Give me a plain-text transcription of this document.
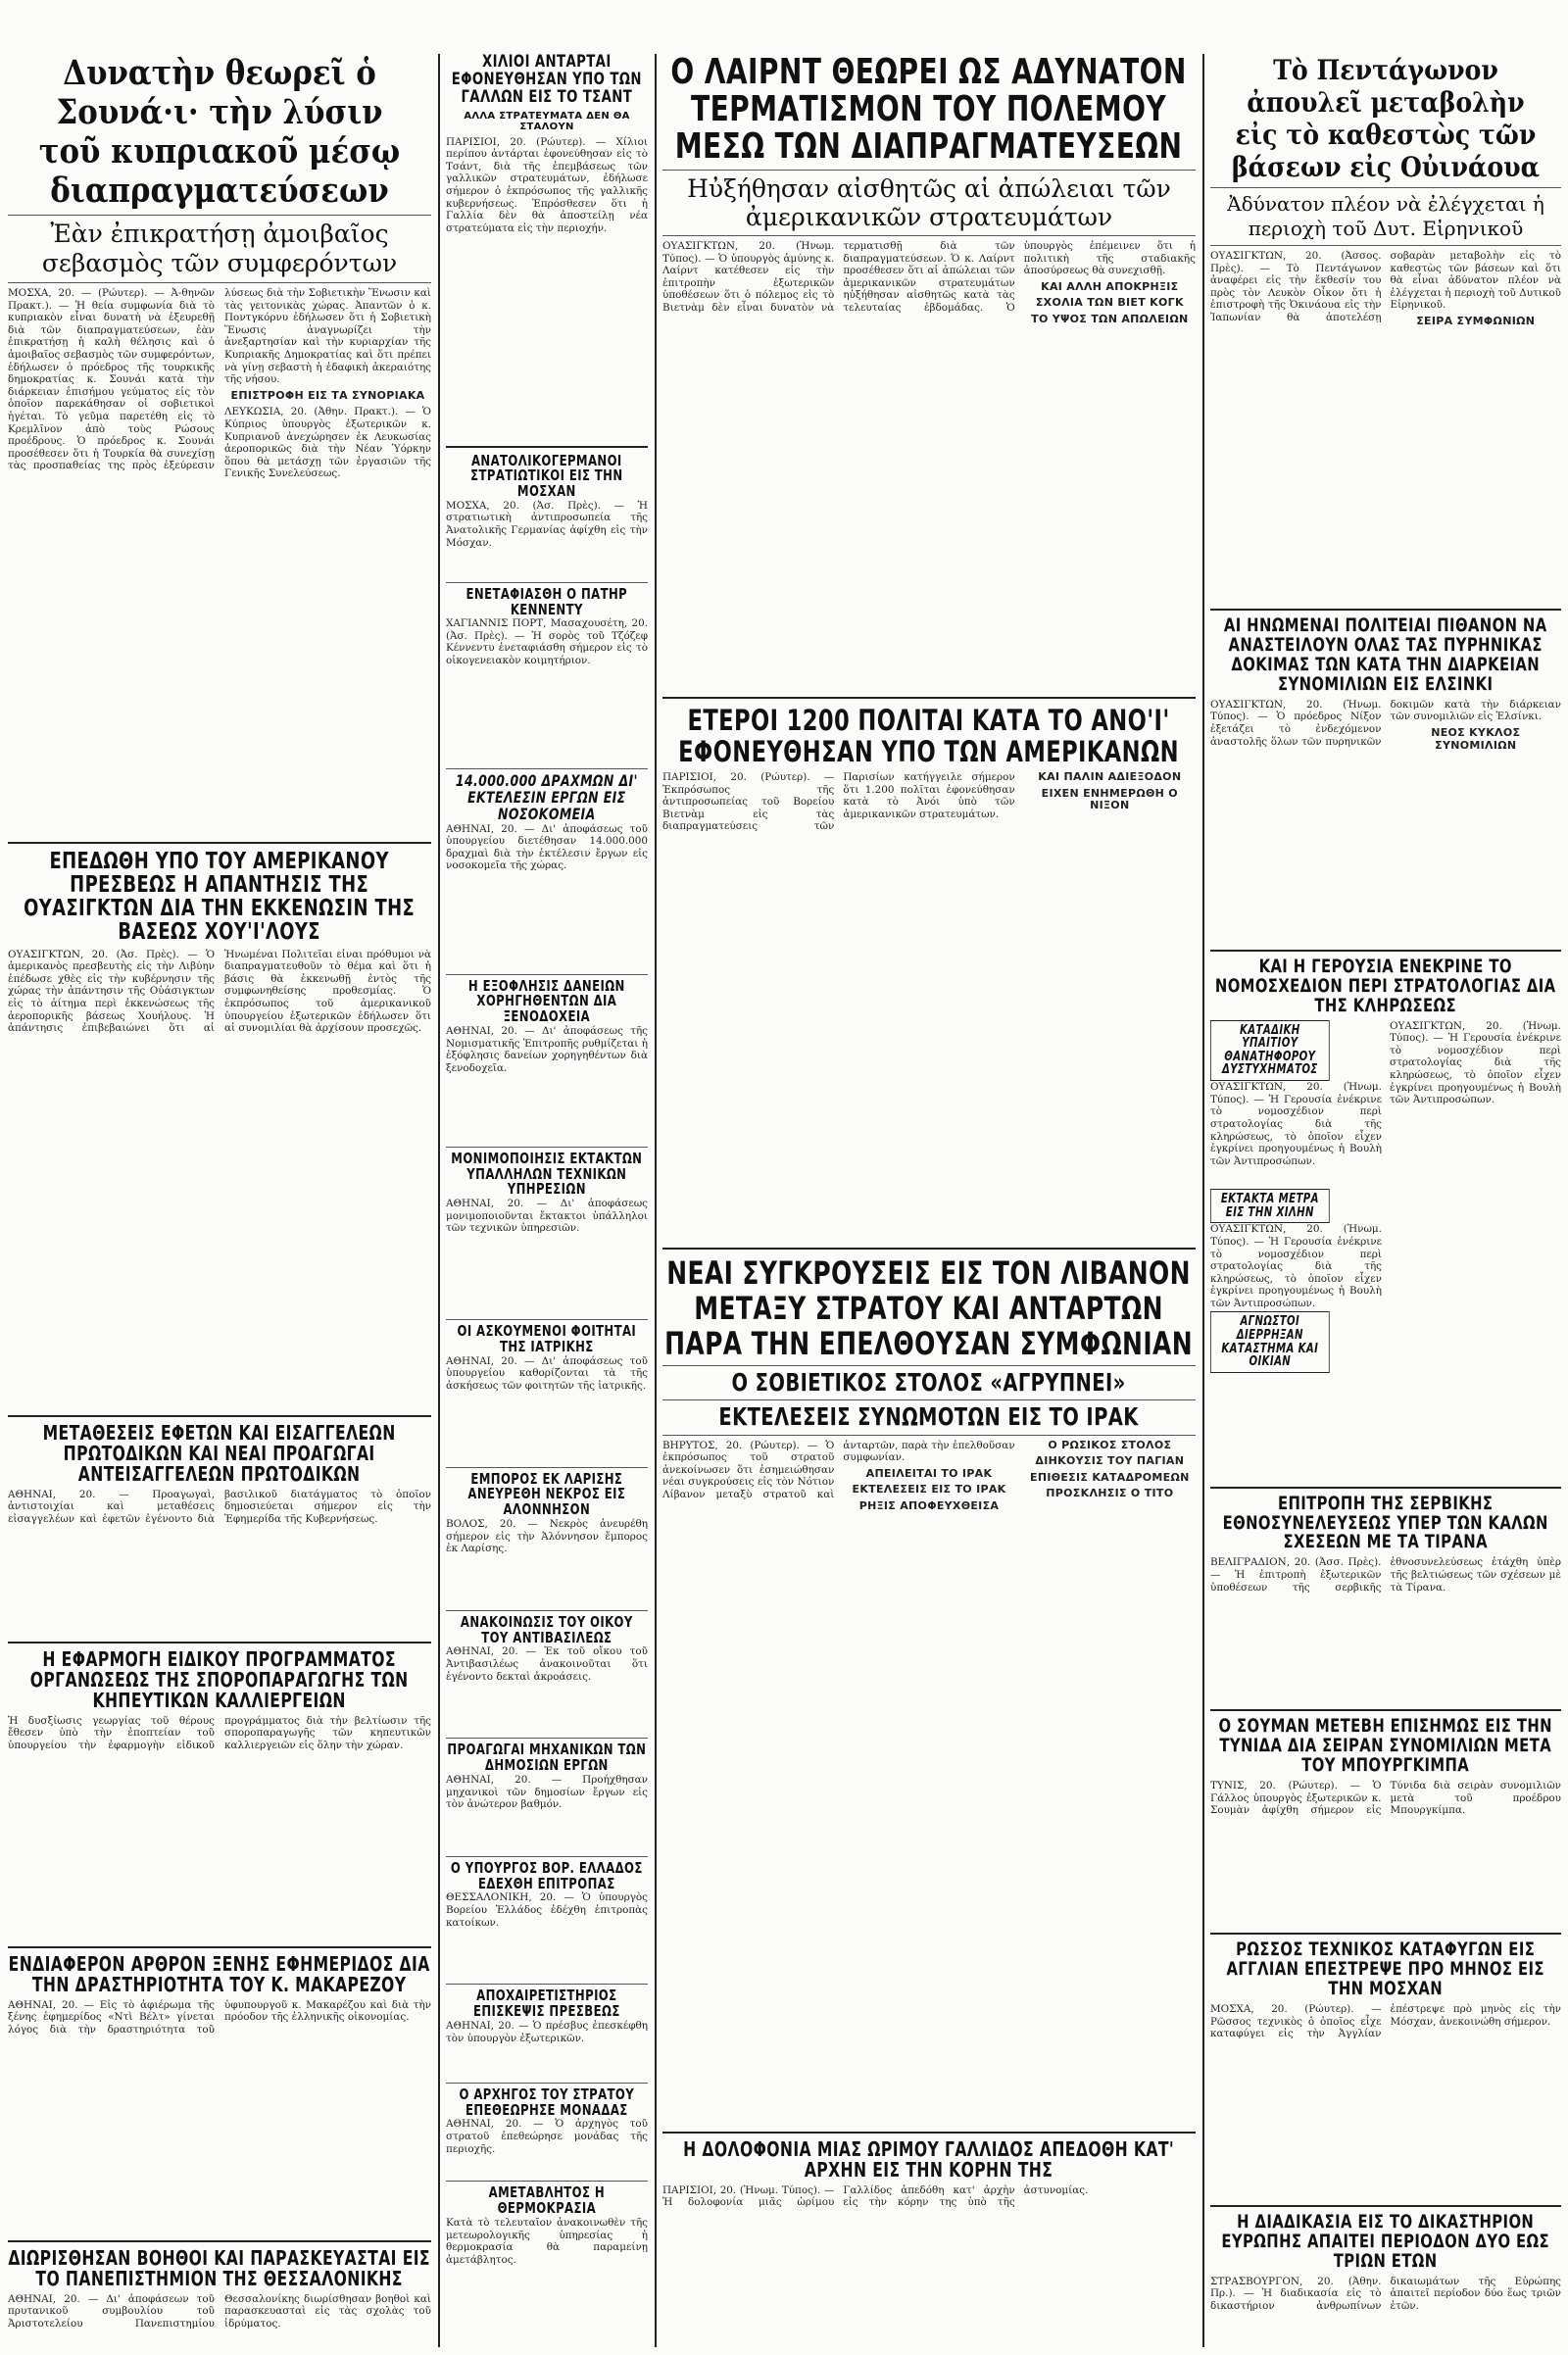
Δυνατὴν θεωρεῖ ὁ Σουνά·ι· τὴν λύσιν τοῦ κυπριακοῦ μέσῳ διαπραγματεύσεων
Ἐὰν ἐπικρατήσῃ ἀμοιβαῖος σεβασμὸς τῶν συμφερόντων
ΜΟΣΧΑ, 20. — (Ρώυτερ). — Ἀ-θηνῶν Πρακτ.). — Ἡ θεία συμφωνία διὰ τὸ κυπριακὸν εἶναι δυνατὴ νὰ ἐξευρεθῇ διὰ τῶν διαπραγματεύσεων, ἐὰν ἐπικρατήσῃ ἡ καλὴ θέλησις καὶ ὁ ἀμοιβαῖος σεβασμὸς τῶν συμφερόντων, ἐδήλωσεν ὁ πρόεδρος τῆς τουρκικῆς δημοκρατίας κ. Σουνάι κατὰ τὴν διάρκειαν ἐπισήμου γεύματος εἰς τὸν ὁποῖον παρεκάθησαν οἱ σοβιετικοὶ ἡγέται. Τὸ γεῦμα παρετέθη εἰς τὸ Κρεμλῖνον ἀπὸ τοὺς Ρώσους προέδρους. Ὁ πρόεδρος κ. Σουνάι προσέθεσεν ὅτι ἡ Τουρκία θὰ συνεχίσῃ τὰς προσπαθείας της πρὸς ἐξεύρεσιν λύσεως διὰ τὴν Σοβιετικὴν Ἕνωσιν καὶ τὰς γειτονικὰς χώρας. Ἀπαντῶν ὁ κ. Ποντγκόρνυ ἐδήλωσεν ὅτι ἡ Σοβιετικὴ Ἕνωσις ἀναγνωρίζει τὴν ἀνεξαρτησίαν καὶ τὴν κυριαρχίαν τῆς Κυπριακῆς Δημοκρατίας καὶ ὅτι πρέπει νὰ γίνῃ σεβαστὴ ἡ ἐδαφικὴ ἀκεραιότης τῆς νήσου.
ΕΠΙΣΤΡΟΦΗ ΕΙΣ ΤΑ ΣΥΝΟΡΙΑΚΑ
ΛΕΥΚΩΣΙΑ, 20. (Ἀθην. Πρακτ.). — Ὁ Κύπριος ὑπουργὸς ἐξωτερικῶν κ. Κυπριανοῦ ἀνεχώρησεν ἐκ Λευκωσίας ἀεροπορικῶς διὰ τὴν Νέαν Ὑόρκην ὅπου θὰ μετάσχῃ τῶν ἐργασιῶν τῆς Γενικῆς Συνελεύσεως.
ΕΠΕΔΩΘΗ ΥΠΟ ΤΟΥ ΑΜΕΡΙΚΑΝΟΥ ΠΡΕΣΒΕΩΣ Η ΑΠΑΝΤΗΣΙΣ ΤΗΣ ΟΥΑΣΙΓΚΤΩΝ ΔΙΑ ΤΗΝ ΕΚΚΕΝΩΣΙΝ ΤΗΣ ΒΑΣΕΩΣ ΧΟΥ'Ι'ΛΟΥΣ
ΟΥΑΣΙΓΚΤΩΝ, 20. (Ἀσ. Πρὲς). — Ὁ ἀμερικανὸς πρεσβευτὴς εἰς τὴν Λιβύην ἐπέδωσε χθὲς εἰς τὴν κυβέρνησιν τῆς χώρας τὴν ἀπάντησιν τῆς Οὐάσιγκτων εἰς τὸ ἀίτημα περὶ ἐκκενώσεως τῆς ἀεροπορικῆς βάσεως Χουήλους. Ἡ ἀπάντησις ἐπιβεβαιώνει ὅτι αἱ Ἡνωμέναι Πολιτεῖαι εἶναι πρόθυμοι νὰ διαπραγματευθοῦν τὸ θέμα καὶ ὅτι ἡ βάσις θὰ ἐκκενωθῇ ἐντὸς τῆς συμφωνηθείσης προθεσμίας. Ὁ ἐκπρόσωπος τοῦ ἀμερικανικοῦ ὑπουργείου ἐξωτερικῶν ἐδήλωσεν ὅτι αἱ συνομιλίαι θὰ ἀρχίσουν προσεχῶς.
ΜΕΤΑΘΕΣΕΙΣ ΕΦΕΤΩΝ ΚΑΙ ΕΙΣΑΓΓΕΛΕΩΝ ΠΡΩΤΟΔΙΚΩΝ ΚΑΙ ΝΕΑΙ ΠΡΟΑΓΩΓΑΙ ΑΝΤΕΙΣΑΓΓΕΛΕΩΝ ΠΡΩΤΟΔΙΚΩΝ
ΑΘΗΝΑΙ, 20. — Προαγωγαὶ, ἀντιστοιχίαι καὶ μεταθέσεις εἰσαγγελέων καὶ ἐφετῶν ἐγένοντο διὰ βασιλικοῦ διατάγματος τὸ ὁποῖον δημοσιεύεται σήμερον εἰς τὴν Ἐφημερίδα τῆς Κυβερνήσεως.
Η ΕΦΑΡΜΟΓΗ ΕΙΔΙΚΟΥ ΠΡΟΓΡΑΜΜΑΤΟΣ ΟΡΓΑΝΩΣΕΩΣ ΤΗΣ ΣΠΟΡΟΠΑΡΑΓΩΓΗΣ ΤΩΝ ΚΗΠΕΥΤΙΚΩΝ ΚΑΛΛΙΕΡΓΕΙΩΝ
Ἡ δυσξίωσις γεωργίας τοῦ θέρους ἔθεσεν ὑπὸ τὴν ἐποπτείαν τοῦ ὑπουργείου τὴν ἐφαρμογὴν εἰδικοῦ προγράμματος διὰ τὴν βελτίωσιν τῆς σποροπαραγωγῆς τῶν κηπευτικῶν καλλιεργειῶν εἰς ὅλην τὴν χώραν.
ΕΝΔΙΑΦΕΡΟΝ ΑΡΘΡΟΝ ΞΕΝΗΣ ΕΦΗΜΕΡΙΔΟΣ ΔΙΑ ΤΗΝ ΔΡΑΣΤΗΡΙΟΤΗΤΑ ΤΟΥ Κ. ΜΑΚΑΡΕΖΟΥ
ΑΘΗΝΑΙ, 20. — Εἰς τὸ ἀφιέρωμα τῆς ξένης ἐφημερίδος «Ντὶ Βέλτ» γίνεται λόγος διὰ τὴν δραστηριότητα τοῦ ὑφυπουργοῦ κ. Μακαρέζου καὶ διὰ τὴν πρόοδον τῆς ἑλληνικῆς οἰκονομίας.
ΔΙΩΡΙΣΘΗΣΑΝ ΒΟΗΘΟΙ ΚΑΙ ΠΑΡΑΣΚΕΥΑΣΤΑΙ ΕΙΣ ΤΟ ΠΑΝΕΠΙΣΤΗΜΙΟΝ ΤΗΣ ΘΕΣΣΑΛΟΝΙΚΗΣ
ΑΘΗΝΑΙ, 20. — Δι' ἀποφάσεων τοῦ πρυτανικοῦ συμβουλίου τοῦ Ἀριστοτελείου Πανεπιστημίου Θεσσαλονίκης διωρίσθησαν βοηθοὶ καὶ παρασκευασταὶ εἰς τὰς σχολὰς τοῦ ἱδρύματος.
ΧΙΛΙΟΙ ΑΝΤΑΡΤΑΙ ΕΦΟΝΕΥΘΗΣΑΝ ΥΠΟ ΤΩΝ ΓΑΛΛΩΝ ΕΙΣ ΤΟ ΤΣΑΝΤ
ΑΛΛΑ ΣΤΡΑΤΕΥΜΑΤΑ ΔΕΝ ΘΑ ΣΤΑΛΟΥΝ
ΠΑΡΙΣΙΟΙ, 20. (Ρώυτερ). — Χίλιοι περίπου ἀντάρται ἐφονεύθησαν εἰς τὸ Τσάντ, διὰ τῆς ἐπεμβάσεως τῶν γαλλικῶν στρατευμάτων, ἐδήλωσε σήμερον ὁ ἐκπρόσωπος τῆς γαλλικῆς κυβερνήσεως. Ἐπρόσθεσεν ὅτι ἡ Γαλλία δὲν θὰ ἀποστείλῃ νέα στρατεύματα εἰς τὴν περιοχήν.
ΑΝΑΤΟΛΙΚΟΓΕΡΜΑΝΟΙ ΣΤΡΑΤΙΩΤΙΚΟΙ ΕΙΣ ΤΗΝ ΜΟΣΧΑΝ
ΜΟΣΧΑ, 20. (Ἀσ. Πρὲς). — Ἡ στρατιωτικὴ ἀντιπροσωπεία τῆς Ἀνατολικῆς Γερμανίας ἀφίχθη εἰς τὴν Μόσχαν.
ΕΝΕΤΑΦΙΑΣΘΗ Ο ΠΑΤΗΡ ΚΕΝΝΕΝΤΥ
ΧΑΓΙΑΝΝΙΣ ΠΟΡΤ, Μασαχουσέτη, 20. (Ἀσ. Πρὲς). — Ἡ σορὸς τοῦ Τζόζεφ Κέννεντυ ἐνεταφιάσθη σήμερον εἰς τὸ οἰκογενειακὸν κοιμητήριον.
14.000.000 ΔΡΑΧΜΩΝ ΔΙ' ΕΚΤΕΛΕΣΙΝ ΕΡΓΩΝ ΕΙΣ ΝΟΣΟΚΟΜΕΙΑ
ΑΘΗΝΑΙ, 20. — Δι' ἀποφάσεως τοῦ ὑπουργείου διετέθησαν 14.000.000 δραχμαὶ διὰ τὴν ἐκτέλεσιν ἔργων εἰς νοσοκομεῖα τῆς χώρας.
Η ΕΞΟΦΛΗΣΙΣ ΔΑΝΕΙΩΝ ΧΟΡΗΓΗΘΕΝΤΩΝ ΔΙΑ ΞΕΝΟΔΟΧΕΙΑ
ΑΘΗΝΑΙ, 20. — Δι' ἀποφάσεως τῆς Νομισματικῆς Ἐπιτροπῆς ρυθμίζεται ἡ ἐξόφλησις δανείων χορηγηθέντων διὰ ξενοδοχεῖα.
ΜΟΝΙΜΟΠΟΙΗΣΙΣ ΕΚΤΑΚΤΩΝ ΥΠΑΛΛΗΛΩΝ ΤΕΧΝΙΚΩΝ ΥΠΗΡΕΣΙΩΝ
ΑΘΗΝΑΙ, 20. — Δι' ἀποφάσεως μονιμοποιοῦνται ἔκτακτοι ὑπάλληλοι τῶν τεχνικῶν ὑπηρεσιῶν.
ΟΙ ΑΣΚΟΥΜΕΝΟΙ ΦΟΙΤΗΤΑΙ ΤΗΣ ΙΑΤΡΙΚΗΣ
ΑΘΗΝΑΙ, 20. — Δι' ἀποφάσεως τοῦ ὑπουργείου καθορίζονται τὰ τῆς ἀσκήσεως τῶν φοιτητῶν τῆς ἰατρικῆς.
ΕΜΠΟΡΟΣ ΕΚ ΛΑΡΙΣΗΣ ΑΝΕΥΡΕΘΗ ΝΕΚΡΟΣ ΕΙΣ ΑΛΟΝΝΗΣΟΝ
ΒΟΛΟΣ, 20. — Νεκρὸς ἀνευρέθη σήμερον εἰς τὴν Ἀλόννησον ἔμπορος ἐκ Λαρίσης.
ΑΝΑΚΟΙΝΩΣΙΣ ΤΟΥ ΟΙΚΟΥ ΤΟΥ ΑΝΤΙΒΑΣΙΛΕΩΣ
ΑΘΗΝΑΙ, 20. — Ἐκ τοῦ οἴκου τοῦ Ἀντιβασιλέως ἀνακοινοῦται ὅτι ἐγένοντο δεκταὶ ἀκροάσεις.
ΠΡΟΑΓΩΓΑΙ ΜΗΧΑΝΙΚΩΝ ΤΩΝ ΔΗΜΟΣΙΩΝ ΕΡΓΩΝ
ΑΘΗΝΑΙ, 20. — Προήχθησαν μηχανικοὶ τῶν δημοσίων ἔργων εἰς τὸν ἀνώτερον βαθμόν.
Ο ΥΠΟΥΡΓΟΣ ΒΟΡ. ΕΛΛΑΔΟΣ ΕΔΕΧΘΗ ΕΠΙΤΡΟΠΑΣ
ΘΕΣΣΑΛΟΝΙΚΗ, 20. — Ὁ ὑπουργὸς Βορείου Ἑλλάδος ἐδέχθη ἐπιτροπὰς κατοίκων.
ΑΠΟΧΑΙΡΕΤΙΣΤΗΡΙΟΣ ΕΠΙΣΚΕΨΙΣ ΠΡΕΣΒΕΩΣ
ΑΘΗΝΑΙ, 20. — Ὁ πρέσβυς ἐπεσκέφθη τὸν ὑπουργὸν ἐξωτερικῶν.
Ο ΑΡΧΗΓΟΣ ΤΟΥ ΣΤΡΑΤΟΥ ΕΠΕΘΕΩΡΗΣΕ ΜΟΝΑΔΑΣ
ΑΘΗΝΑΙ, 20. — Ὁ ἀρχηγὸς τοῦ στρατοῦ ἐπεθεώρησε μονάδας τῆς περιοχῆς.
ΑΜΕΤΑΒΛΗΤΟΣ Η ΘΕΡΜΟΚΡΑΣΙΑ
Κατὰ τὸ τελευταῖον ἀνακοινωθὲν τῆς μετεωρολογικῆς ὑπηρεσίας ἡ θερμοκρασία θὰ παραμείνῃ ἀμετάβλητος.
Ο ΛΑΙΡΝΤ ΘΕΩΡΕΙ ΩΣ ΑΔΥΝΑΤΟΝ ΤΕΡΜΑΤΙΣΜΟΝ ΤΟΥ ΠΟΛΕΜΟΥ ΜΕΣΩ ΤΩΝ ΔΙΑΠΡΑΓΜΑΤΕΥΣΕΩΝ
Ηὐξήθησαν αἰσθητῶς αἱ ἀπώλειαι τῶν ἀμερικανικῶν στρατευμάτων
ΟΥΑΣΙΓΚΤΩΝ, 20. (Ἡνωμ. Τύπος). — Ὁ ὑπουργὸς ἀμύνης κ. Λαίρντ κατέθεσεν εἰς τὴν ἐπιτροπὴν ἐξωτερικῶν ὑποθέσεων ὅτι ὁ πόλεμος εἰς τὸ Βιετνὰμ δὲν εἶναι δυνατὸν νὰ τερματισθῇ διὰ τῶν διαπραγματεύσεων. Ὁ κ. Λαίρντ προσέθεσεν ὅτι αἱ ἀπώλειαι τῶν ἀμερικανικῶν στρατευμάτων ηὐξήθησαν αἰσθητῶς κατὰ τὰς τελευταίας ἑβδομάδας. Ὁ ὑπουργὸς ἐπέμεινεν ὅτι ἡ πολιτικὴ τῆς σταδιακῆς ἀποσύρσεως θὰ συνεχισθῇ.
ΚΑΙ ΑΛΛΗ ΑΠΟΚΡΗΞΙΣ
ΣΧΟΛΙΑ ΤΩΝ ΒΙΕΤ ΚΟΓΚ
ΤΟ ΥΨΟΣ ΤΩΝ ΑΠΩΛΕΙΩΝ
ΕΤΕΡΟΙ 1200 ΠΟΛΙΤΑΙ ΚΑΤΑ ΤΟ ΑΝΟ'Ι' ΕΦΟΝΕΥΘΗΣΑΝ ΥΠΟ ΤΩΝ ΑΜΕΡΙΚΑΝΩΝ
ΠΑΡΙΣΙΟΙ, 20. (Ρώυτερ). — Ἐκπρόσωπος τῆς ἀντιπροσωπείας τοῦ Βορείου Βιετνὰμ εἰς τὰς διαπραγματεύσεις τῶν Παρισίων κατήγγειλε σήμερον ὅτι 1.200 πολῖται ἐφονεύθησαν κατὰ τὸ Ἀνόι ὑπὸ τῶν ἀμερικανικῶν στρατευμάτων.
ΚΑΙ ΠΑΛΙΝ ΑΔΙΕΞΟΔΟΝ
ΕΙΧΕΝ ΕΝΗΜΕΡΩΘΗ Ο ΝΙΞΟΝ
ΝΕΑΙ ΣΥΓΚΡΟΥΣΕΙΣ ΕΙΣ ΤΟΝ ΛΙΒΑΝΟΝ ΜΕΤΑΞΥ ΣΤΡΑΤΟΥ ΚΑΙ ΑΝΤΑΡΤΩΝ ΠΑΡΑ ΤΗΝ ΕΠΕΛΘΟΥΣΑΝ ΣΥΜΦΩΝΙΑΝ
Ο ΣΟΒΙΕΤΙΚΟΣ ΣΤΟΛΟΣ «ΑΓΡΥΠΝΕΙ»
ΕΚΤΕΛΕΣΕΙΣ ΣΥΝΩΜΟΤΩΝ ΕΙΣ ΤΟ ΙΡΑΚ
ΒΗΡΥΤΟΣ, 20. (Ρώυτερ). — Ὁ ἐκπρόσωπος τοῦ στρατοῦ ἀνεκοίνωσεν ὅτι ἐσημειώθησαν νέαι συγκρούσεις εἰς τὸν Νότιον Λίβανον μεταξὺ στρατοῦ καὶ ἀνταρτῶν, παρὰ τὴν ἐπελθοῦσαν συμφωνίαν.
ΑΠΕΙΛΕΙΤΑΙ ΤΟ ΙΡΑΚ
ΕΚΤΕΛΕΣΕΙΣ ΕΙΣ ΤΟ ΙΡΑΚ
ΡΗΞΙΣ ΑΠΟΦΕΥΧΘΕΙΣΑ
Ο ΡΩΣΙΚΟΣ ΣΤΟΛΟΣ
ΔΙΗΚΟΥΣΙΣ ΤΟΥ ΠΑΓΙΑΝ
ΕΠΙΘΕΣΙΣ ΚΑΤΑΔΡΟΜΕΩΝ
ΠΡΟΣΚΛΗΣΙΣ Ο ΤΙΤΟ
Η ΔΟΛΟΦΟΝΙΑ ΜΙΑΣ ΩΡΙΜΟΥ ΓΑΛΛΙΔΟΣ ΑΠΕΔΟΘΗ ΚΑΤ' ΑΡΧΗΝ ΕΙΣ ΤΗΝ ΚΟΡΗΝ ΤΗΣ
ΠΑΡΙΣΙΟΙ, 20. (Ἡνωμ. Τύπος). — Ἡ δολοφονία μιᾶς ὡρίμου Γαλλίδος ἀπεδόθη κατ' ἀρχὴν εἰς τὴν κόρην της ὑπὸ τῆς ἀστυνομίας.
Τὸ Πεντάγωνον ἀπουλεῖ μεταβολὴν εἰς τὸ καθεστὼς τῶν βάσεων εἰς Οὐινάουα
Ἀδύνατον πλέον νὰ ἐλέγχεται ἡ περιοχὴ τοῦ Δυτ. Εἰρηνικοῦ
ΟΥΑΣΙΓΚΤΩΝ, 20. (Ἀσσος. Πρὲς). — Τὸ Πεντάγωνον ἀναφέρει εἰς τὴν ἔκθεσίν του πρὸς τὸν Λευκὸν Οἶκον ὅτι ἡ ἐπιστροφὴ τῆς Ὀκινάουα εἰς τὴν Ἰαπωνίαν θὰ ἀποτελέσῃ σοβαρὰν μεταβολὴν εἰς τὸ καθεστὼς τῶν βάσεων καὶ ὅτι θὰ εἶναι ἀδύνατον πλέον νὰ ἐλέγχεται ἡ περιοχὴ τοῦ Δυτικοῦ Εἰρηνικοῦ.
ΣΕΙΡΑ ΣΥΜΦΩΝΙΩΝ
ΑΙ ΗΝΩΜΕΝΑΙ ΠΟΛΙΤΕΙΑΙ ΠΙΘΑΝΟΝ ΝΑ ΑΝΑΣΤΕΙΛΟΥΝ ΟΛΑΣ ΤΑΣ ΠΥΡΗΝΙΚΑΣ ΔΟΚΙΜΑΣ ΤΩΝ ΚΑΤΑ ΤΗΝ ΔΙΑΡΚΕΙΑΝ ΣΥΝΟΜΙΛΙΩΝ ΕΙΣ ΕΛΣΙΝΚΙ
ΟΥΑΣΙΓΚΤΩΝ, 20. (Ἡνωμ. Τύπος). — Ὁ πρόεδρος Νίξον ἐξετάζει τὸ ἐνδεχόμενον ἀναστολῆς ὅλων τῶν πυρηνικῶν δοκιμῶν κατὰ τὴν διάρκειαν τῶν συνομιλιῶν εἰς Ἑλσίνκι.
ΝΕΟΣ ΚΥΚΛΟΣ ΣΥΝΟΜΙΛΙΩΝ
ΚΑΙ Η ΓΕΡΟΥΣΙΑ ΕΝΕΚΡΙΝΕ ΤΟ ΝΟΜΟΣΧΕΔΙΟΝ ΠΕΡΙ ΣΤΡΑΤΟΛΟΓΙΑΣ ΔΙΑ ΤΗΣ ΚΛΗΡΩΣΕΩΣ
ΚΑΤΑΔΙΚΗ ΥΠΑΙΤΙΟΥ ΘΑΝΑΤΗΦΟΡΟΥ ΔΥΣΤΥΧΗΜΑΤΟΣ
ΟΥΑΣΙΓΚΤΩΝ, 20. (Ἡνωμ. Τύπος). — Ἡ Γερουσία ἐνέκρινε τὸ νομοσχέδιον περὶ στρατολογίας διὰ τῆς κληρώσεως, τὸ ὁποῖον εἶχεν ἐγκρίνει προηγουμένως ἡ Βουλὴ τῶν Ἀντιπροσώπων.
ΕΚΤΑΚΤΑ ΜΕΤΡΑ ΕΙΣ ΤΗΝ ΧΙΛΗΝ
ΟΥΑΣΙΓΚΤΩΝ, 20. (Ἡνωμ. Τύπος). — Ἡ Γερουσία ἐνέκρινε τὸ νομοσχέδιον περὶ στρατολογίας διὰ τῆς κληρώσεως, τὸ ὁποῖον εἶχεν ἐγκρίνει προηγουμένως ἡ Βουλὴ τῶν Ἀντιπροσώπων.
ΑΓΝΩΣΤΟΙ ΔΙΕΡΡΗΞΑΝ ΚΑΤΑΣΤΗΜΑ ΚΑΙ ΟΙΚΙΑΝ
ΟΥΑΣΙΓΚΤΩΝ, 20. (Ἡνωμ. Τύπος). — Ἡ Γερουσία ἐνέκρινε τὸ νομοσχέδιον περὶ στρατολογίας διὰ τῆς κληρώσεως, τὸ ὁποῖον εἶχεν ἐγκρίνει προηγουμένως ἡ Βουλὴ τῶν Ἀντιπροσώπων.
ΕΠΙΤΡΟΠΗ ΤΗΣ ΣΕΡΒΙΚΗΣ ΕΘΝΟΣΥΝΕΛΕΥΣΕΩΣ ΥΠΕΡ ΤΩΝ ΚΑΛΩΝ ΣΧΕΣΕΩΝ ΜΕ ΤΑ ΤΙΡΑΝΑ
ΒΕΛΙΓΡΑΔΙΟΝ, 20. (Ἀσσ. Πρὲς). — Ἡ ἐπιτροπὴ ἐξωτερικῶν ὑποθέσεων τῆς σερβικῆς ἐθνοσυνελεύσεως ἐτάχθη ὑπὲρ τῆς βελτιώσεως τῶν σχέσεων μὲ τὰ Τίρανα.
Ο ΣΟΥΜΑΝ ΜΕΤΕΒΗ ΕΠΙΣΗΜΩΣ ΕΙΣ ΤΗΝ ΤΥΝΙΔΑ ΔΙΑ ΣΕΙΡΑΝ ΣΥΝΟΜΙΛΙΩΝ ΜΕΤΑ ΤΟΥ ΜΠΟΥΡΓΚΙΜΠΑ
ΤΥΝΙΣ, 20. (Ρώυτερ). — Ὁ Γάλλος ὑπουργὸς ἐξωτερικῶν κ. Σουμὰν ἀφίχθη σήμερον εἰς Τύνιδα διὰ σειρὰν συνομιλιῶν μετὰ τοῦ προέδρου Μπουργκίμπα.
ΡΩΣΣΟΣ ΤΕΧΝΙΚΟΣ ΚΑΤΑΦΥΓΩΝ ΕΙΣ ΑΓΓΛΙΑΝ ΕΠΕΣΤΡΕΨΕ ΠΡΟ ΜΗΝΟΣ ΕΙΣ ΤΗΝ ΜΟΣΧΑΝ
ΜΟΣΧΑ, 20. (Ρώυτερ). — Ρῶσσος τεχνικὸς ὁ ὁποῖος εἶχε καταφύγει εἰς τὴν Ἀγγλίαν ἐπέστρεψε πρὸ μηνὸς εἰς τὴν Μόσχαν, ἀνεκοινώθη σήμερον.
Η ΔΙΑΔΙΚΑΣΙΑ ΕΙΣ ΤΟ ΔΙΚΑΣΤΗΡΙΟΝ ΕΥΡΩΠΗΣ ΑΠΑΙΤΕΙ ΠΕΡΙΟΔΟΝ ΔΥΟ ΕΩΣ ΤΡΙΩΝ ΕΤΩΝ
ΣΤΡΑΣΒΟΥΡΓΟΝ, 20. (Ἀθην. Πρ.). — Ἡ διαδικασία εἰς τὸ δικαστήριον ἀνθρωπίνων δικαιωμάτων τῆς Εὐρώπης ἀπαιτεῖ περίοδον δύο ἕως τριῶν ἐτῶν.
